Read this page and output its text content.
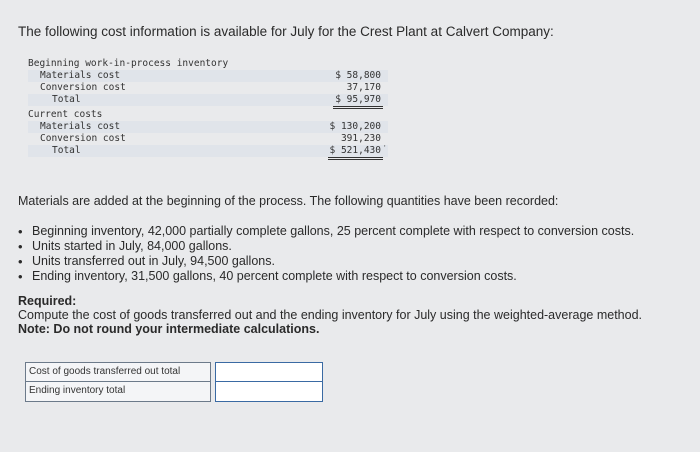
The following cost information is available for July for the Crest Plant at Calvert Company:
Beginning work-in-process inventory
Materials cost	$ 58,800
Conversion cost	37,170
Total	$ 95,970
Current costs
Materials cost	$ 130,200
Conversion cost	391,230
Total	$ 521,430 '
Materials are added at the beginning of the process. The following quantities have been recorded:
• Beginning inventory, 42,000 partially complete gallons, 25 percent complete with respect to conversion costs.
• Units started in July, 84,000 gallons.
• Units transferred out in July, 94,500 gallons.
• Ending inventory, 31,500 gallons, 40 percent complete with respect to conversion costs.
Required:
Compute the cost of goods transferred out and the ending inventory for July using the weighted-average method.
Note: Do not round your intermediate calculations.
Cost of goods transferred out total
Ending inventory total
